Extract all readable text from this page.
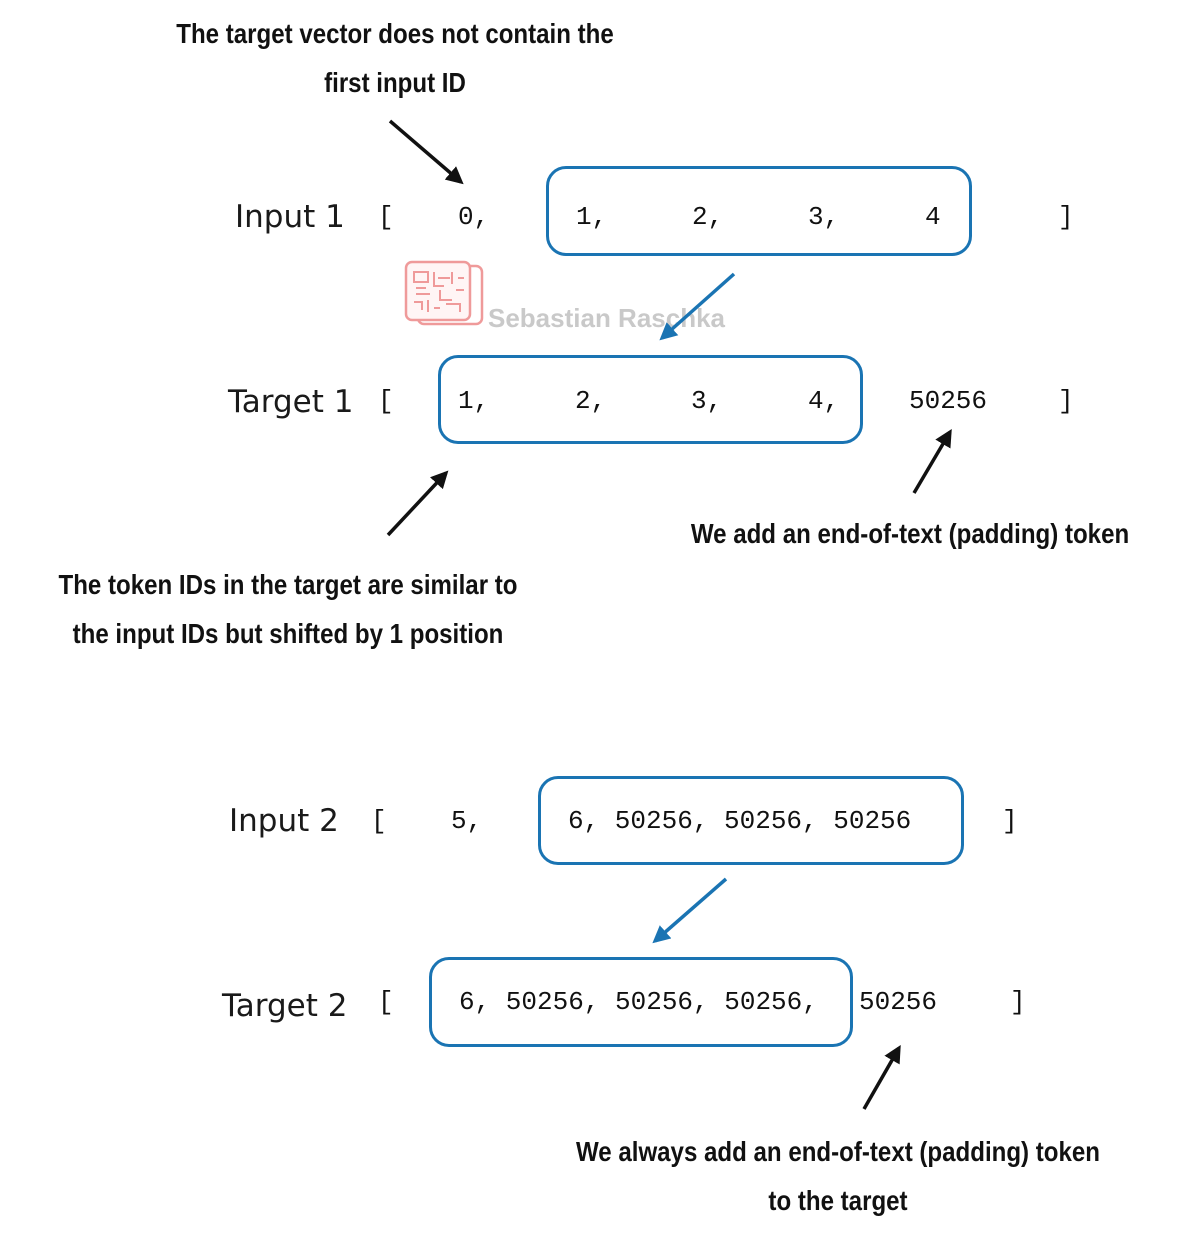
The target vector does not contain the
first input ID
Input 1 [ 0,	1,	2,	3,	4	]
Sebastian Raschka
Target 1 [ 1,	2,	3,	4,	50256	]
We add an end-of-text (padding) token
The token IDs in the target are similar to
the input IDs but shifted by 1 position
Input 2 [ 5,	6, 50256, 50256, 50256	]
Target 2 [	6, 50256, 50256, 50256, 50256	]
We always add an end-of-text (padding) token
to the target
